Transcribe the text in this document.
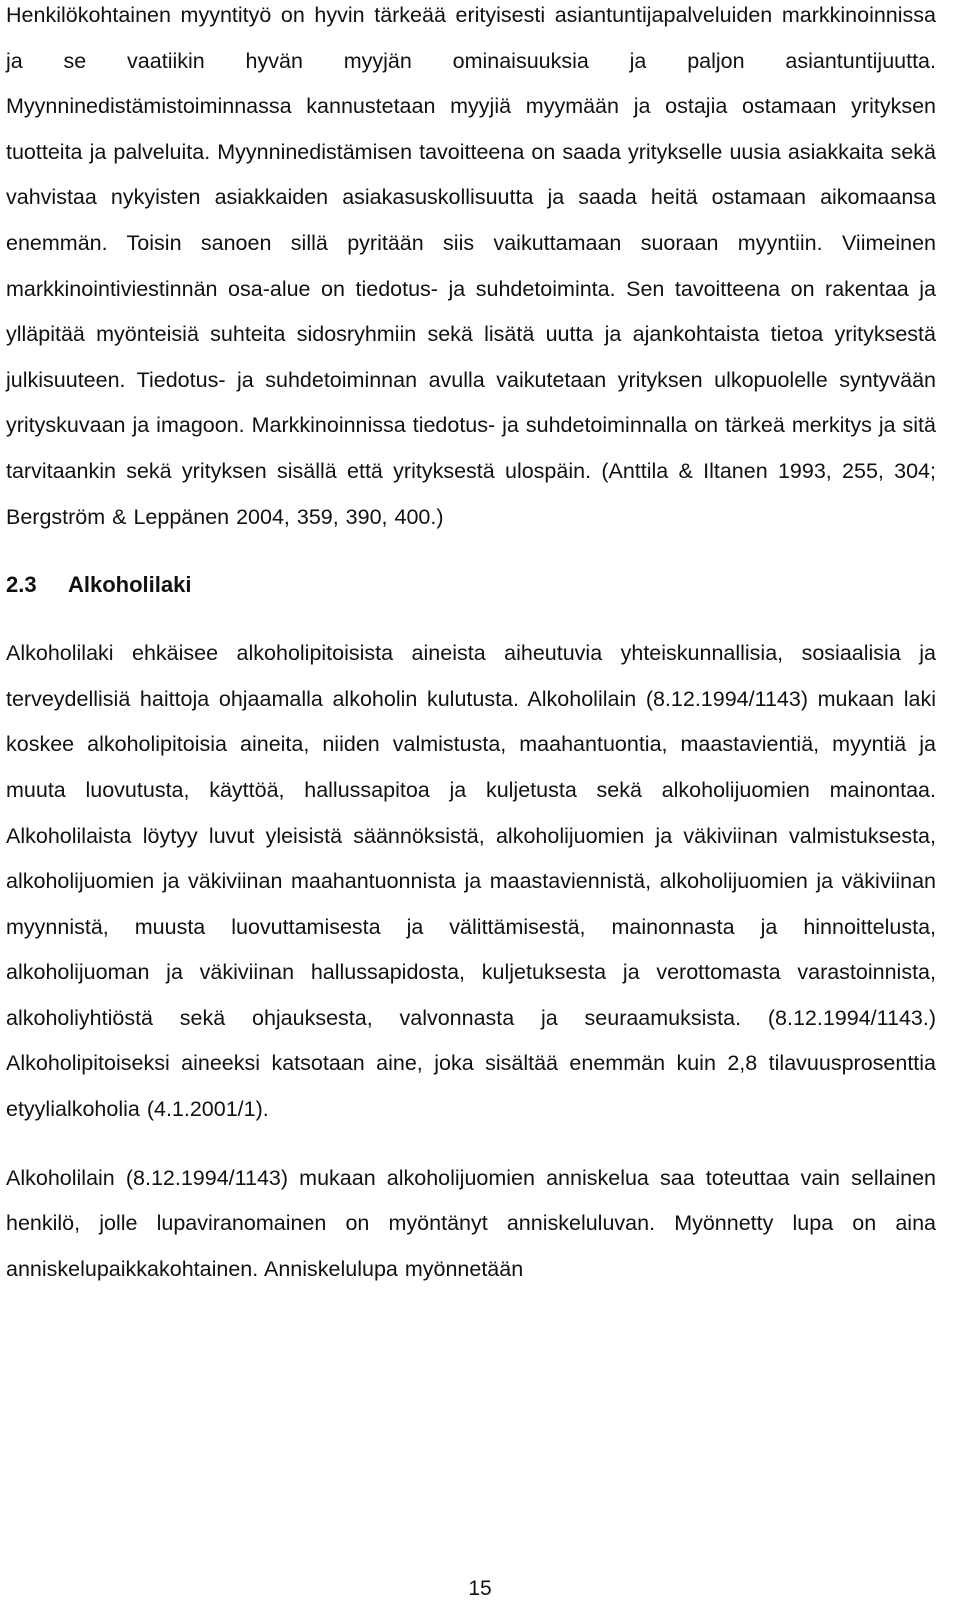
Henkilökohtainen myyntityö on hyvin tärkeää erityisesti asiantuntijapalveluiden markkinoinnissa ja se vaatiikin hyvän myyjän ominaisuuksia ja paljon asiantuntijuutta. Myynninedistämistoiminnassa kannustetaan myyjiä myymään ja ostajia ostamaan yrityksen tuotteita ja palveluita. Myynninedistämisen tavoitteena on saada yritykselle uusia asiakkaita sekä vahvistaa nykyisten asiakkaiden asiakasuskollisuutta ja saada heitä ostamaan aikomaansa enemmän. Toisin sanoen sillä pyritään siis vaikuttamaan suoraan myyntiin. Viimeinen markkinointiviestinnän osa-alue on tiedotus- ja suhdetoiminta. Sen tavoitteena on rakentaa ja ylläpitää myönteisiä suhteita sidosryhmiin sekä lisätä uutta ja ajankohtaista tietoa yrityksestä julkisuuteen. Tiedotus- ja suhdetoiminnan avulla vaikutetaan yrityksen ulkopuolelle syntyvään yrityskuvaan ja imagoon. Markkinoinnissa tiedotus- ja suhdetoiminnalla on tärkeä merkitys ja sitä tarvitaankin sekä yrityksen sisällä että yrityksestä ulospäin. (Anttila & Iltanen 1993, 255, 304; Bergström & Leppänen 2004, 359, 390, 400.)

2.3 Alkoholilaki

Alkoholilaki ehkäisee alkoholipitoisista aineista aiheutuvia yhteiskunnallisia, sosiaalisia ja terveydellisiä haittoja ohjaamalla alkoholin kulutusta. Alkoholilain (8.12.1994/1143) mukaan laki koskee alkoholipitoisia aineita, niiden valmistusta, maahantuontia, maastavientiä, myyntiä ja muuta luovutusta, käyttöä, hallussapitoa ja kuljetusta sekä alkoholijuomien mainontaa. Alkoholilaista löytyy luvut yleisistä säännöksistä, alkoholijuomien ja väkiviinan valmistuksesta, alkoholijuomien ja väkiviinan maahantuonnista ja maastaviennistä, alkoholijuomien ja väkiviinan myynnistä, muusta luovuttamisesta ja välittämisestä, mainonnasta ja hinnoittelusta, alkoholijuoman ja väkiviinan hallussapidosta, kuljetuksesta ja verottomasta varastoinnista, alkoholiyhtiöstä sekä ohjauksesta, valvonnasta ja seuraamuksista. (8.12.1994/1143.) Alkoholipitoiseksi aineeksi katsotaan aine, joka sisältää enemmän kuin 2,8 tilavuusprosenttia etyylialkoholia (4.1.2001/1).

Alkoholilain (8.12.1994/1143) mukaan alkoholijuomien anniskelua saa toteuttaa vain sellainen henkilö, jolle lupaviranomainen on myöntänyt anniskeluluvan. Myönnetty lupa on aina anniskelupaikkakohtainen. Anniskelulupa myönnetään

15
